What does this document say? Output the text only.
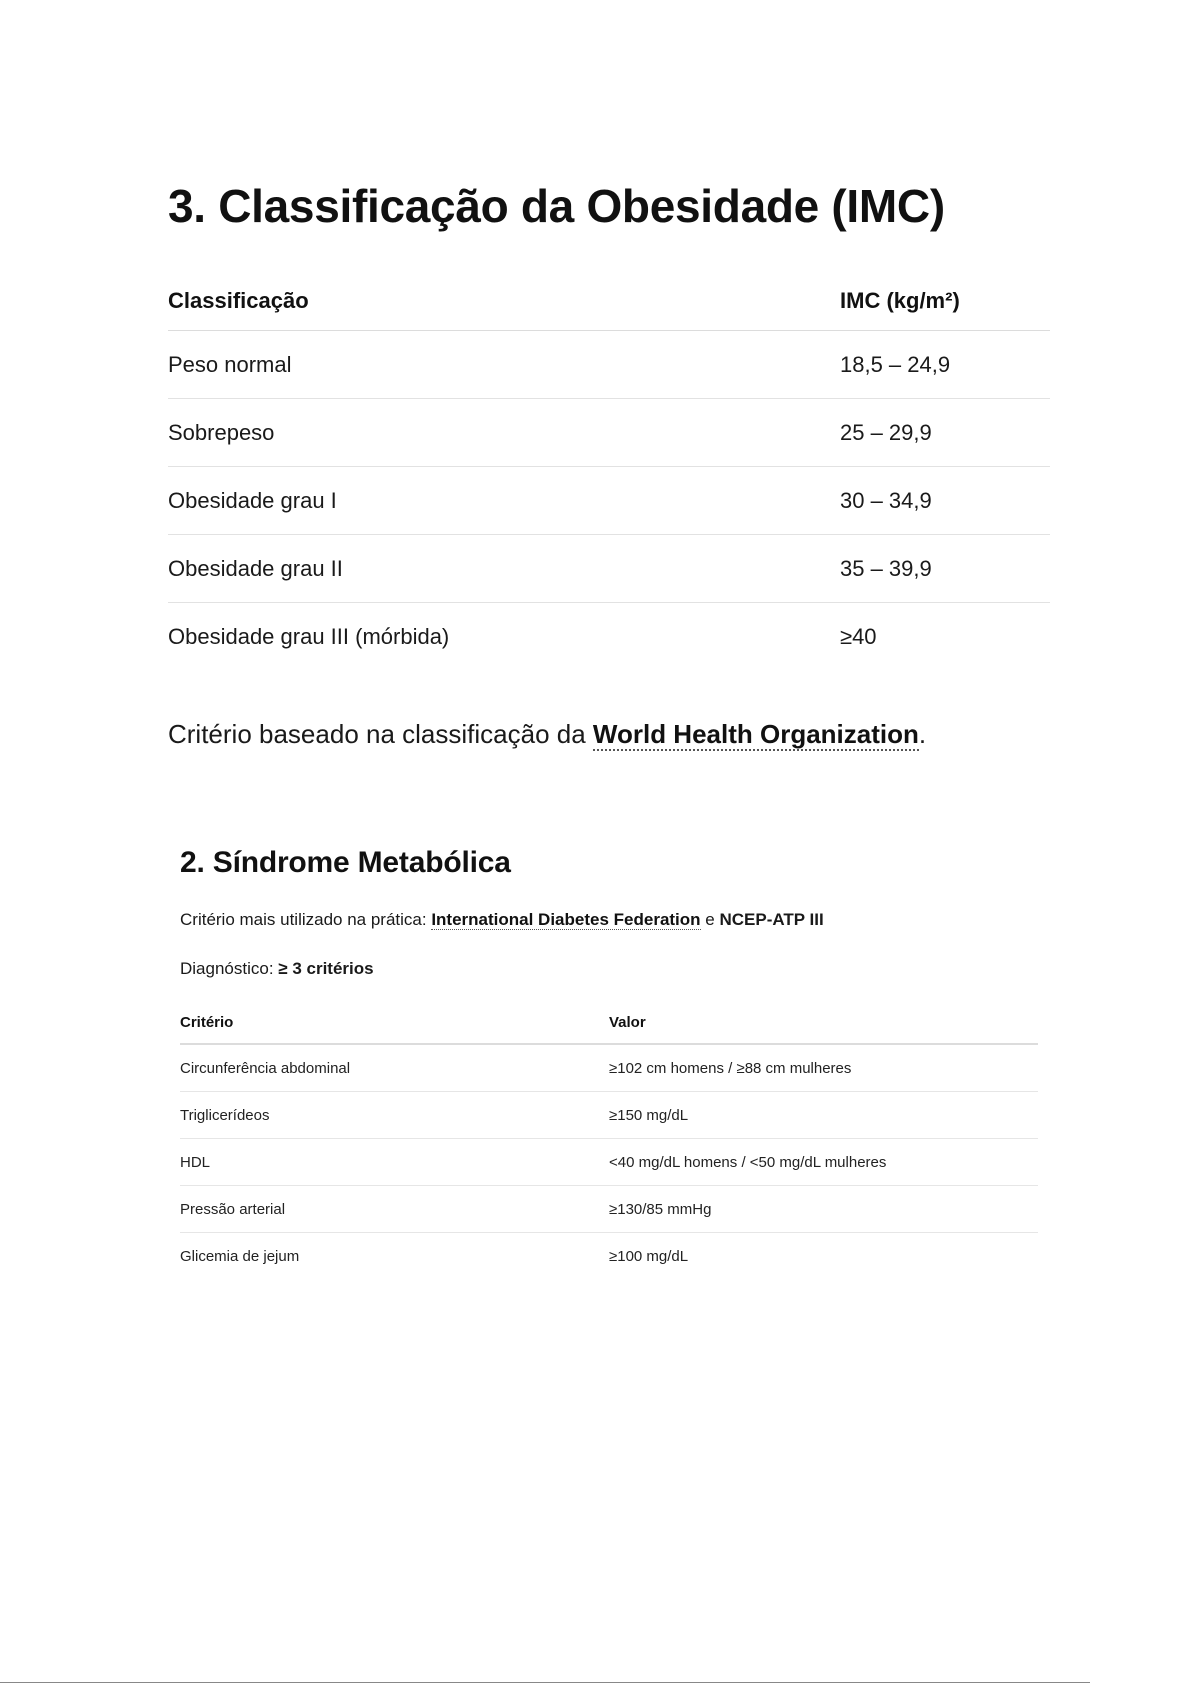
3. Classificação da Obesidade (IMC)
Classificação	IMC (kg/m²)
Peso normal	18,5 – 24,9
Sobrepeso	25 – 29,9
Obesidade grau I	30 – 34,9
Obesidade grau II	35 – 39,9
Obesidade grau III (mórbida)	≥40
Critério baseado na classificação da World Health Organization.
2. Síndrome Metabólica

Critério mais utilizado na prática: International Diabetes Federation e NCEP-ATP III

Diagnóstico: ≥ 3 critérios

Critério	Valor
Circunferência abdominal	≥102 cm homens / ≥88 cm mulheres
Triglicerídeos	≥150 mg/dL
HDL	<40 mg/dL homens / <50 mg/dL mulheres
Pressão arterial	≥130/85 mmHg
Glicemia de jejum	≥100 mg/dL
